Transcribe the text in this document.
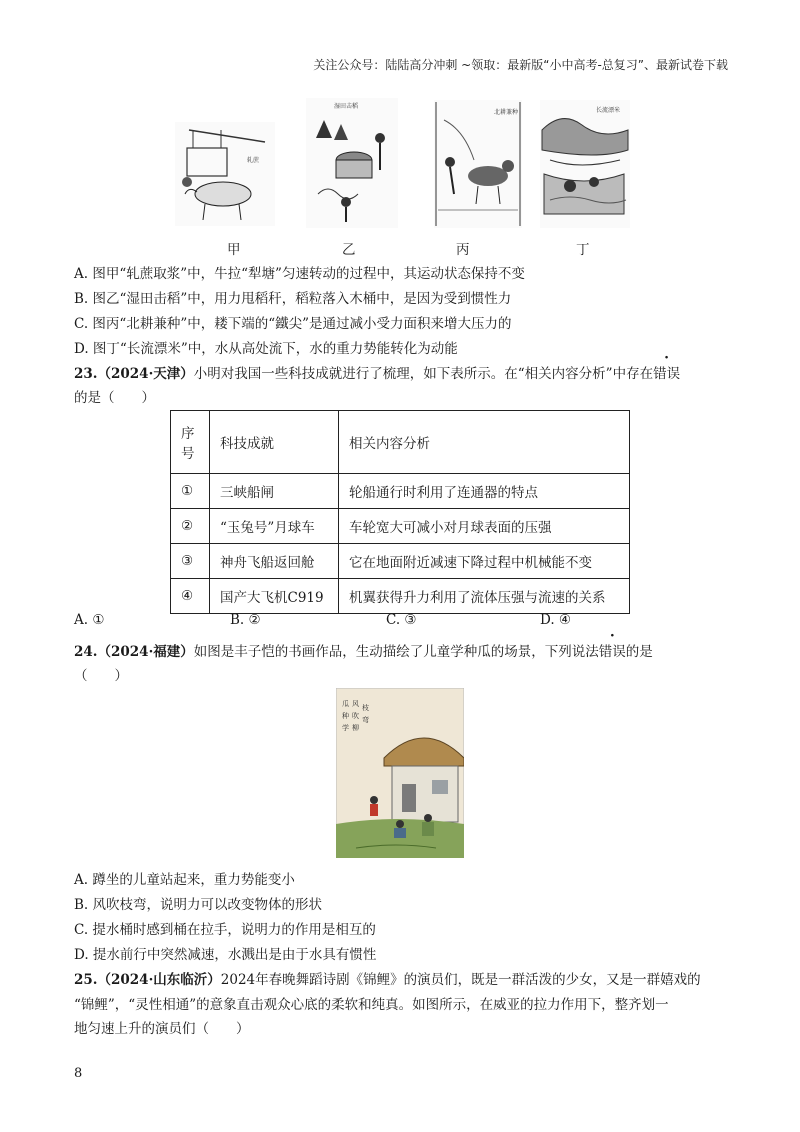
关注公众号：陆陆高分冲刺 ~领取：最新版“小中高考-总复习”、最新试卷下载
轧蔗
湿田击稻
北耕兼种	长流漂米
甲	乙	丙	丁
A. 图甲“轧蔗取浆”中，牛拉“犁塘”匀速转动的过程中，其运动状态保持不变
B. 图乙“湿田击稻”中，用力甩稻秆，稻粒落入木桶中，是因为受到惯性力
C. 图丙“北耕兼种”中，耧下端的“鐵尖”是通过减小受力面积来增大压力的
D. 图丁“长流漂米”中，水从高处流下，水的重力势能转化为动能
23.（2024·天津）小明对我国一些科技成就进行了梳理，如下表所示。在“相关内容分析”中存在错误
的是（　　）
序号	科技成就	相关内容分析
①	三峡船闸	轮船通行时利用了连通器的特点
②	“玉兔号”月球车	车轮宽大可减小对月球表面的压强
③	神舟飞船返回舱	它在地面附近减速下降过程中机械能不变
④	国产大飞机C919	机翼获得升力利用了流体压强与流速的关系
A. ①	B. ②	C. ③	D. ④
24.（2024·福建）如图是丰子恺的书画作品，生动描绘了儿童学种瓜的场景，下列说法错误的是
（　　）
瓜
种
学
风
吹
柳
枝
弯
A. 蹲坐的儿童站起来，重力势能变小
B. 风吹枝弯，说明力可以改变物体的形状
C. 提水桶时感到桶在拉手，说明力的作用是相互的
D. 提水前行中突然减速，水溅出是由于水具有惯性
25.（2024·山东临沂）2024年春晚舞蹈诗剧《锦鲤》的演员们，既是一群活泼的少女，又是一群嬉戏的
“锦鲤”，“灵性相通”的意象直击观众心底的柔软和纯真。如图所示，在威亚的拉力作用下，整齐划一
地匀速上升的演员们（　　）
8
